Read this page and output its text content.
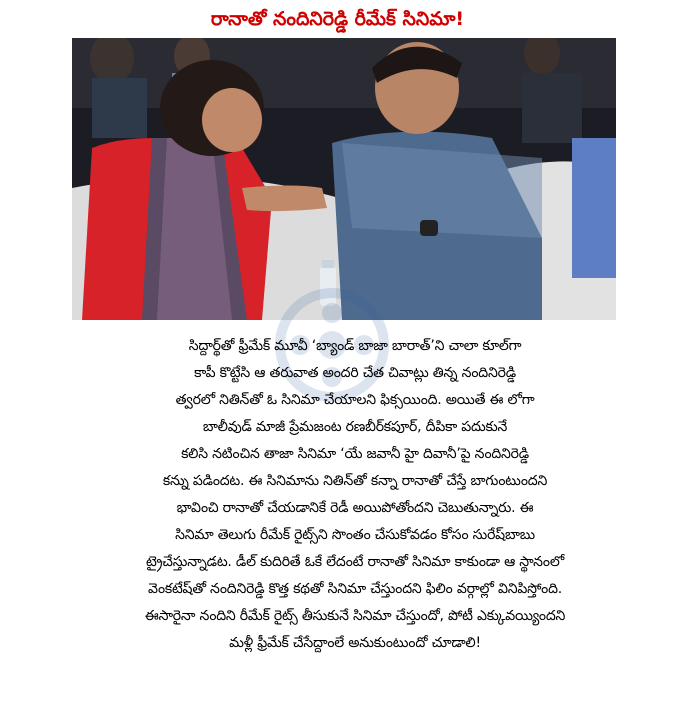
రానాతో నందినిరెడ్డి రీమేక్ సినిమా!
సిద్దార్థ్‌తో ఫ్రీమేక్ మూవీ ‘బ్యాండ్ బాజా బారాత్’ని చాలా కూల్‌గా
కాపీ కొట్టేసి ఆ తరువాత అందరి చేత చివాట్లు తిన్న నందినిరెడ్డి
త్వరలో నితిన్‌తో ఓ సినిమా చేయాలని ఫిక్సయింది. అయితే ఈ లోగా
బాలీవుడ్ మాజీ ప్రేమజంట రణబీర్‌కపూర్, దీపికా పదుకునే
కలిసి నటించిన తాజా సినిమా ‘యే జవానీ హై దివానీ’పై నందినిరెడ్డి
కన్ను పడిందట. ఈ సినిమాను నితిన్‌తో కన్నా రానాతో చేస్తే బాగుంటుందని
భావించి రానాతో చేయడానికే రెడీ అయిపోతోందని చెబుతున్నారు. ఈ
సినిమా తెలుగు రీమేక్ రైట్స్‌ని సొంతం చేసుకోవడం కోసం సురేష్‌బాబు
ట్రైచేస్తున్నాడట. డీల్ కుదిరితే ఓకే లేదంటే రానాతో సినిమా కాకుండా ఆ స్థానంలో
వెంకటేష్‌తో నందినిరెడ్డి కొత్త కథతో సినిమా చేస్తుందని ఫిలిం వర్గాల్లో వినిపిస్తోంది.
ఈసారైనా నందిని రీమేక్ రైట్స్ తీసుకునే సినిమా చేస్తుందో, పోటీ ఎక్కువయ్యిందని
మళ్లీ ఫ్రీమేక్ చేసేద్దాంలే అనుకుంటుందో చూడాలి!
